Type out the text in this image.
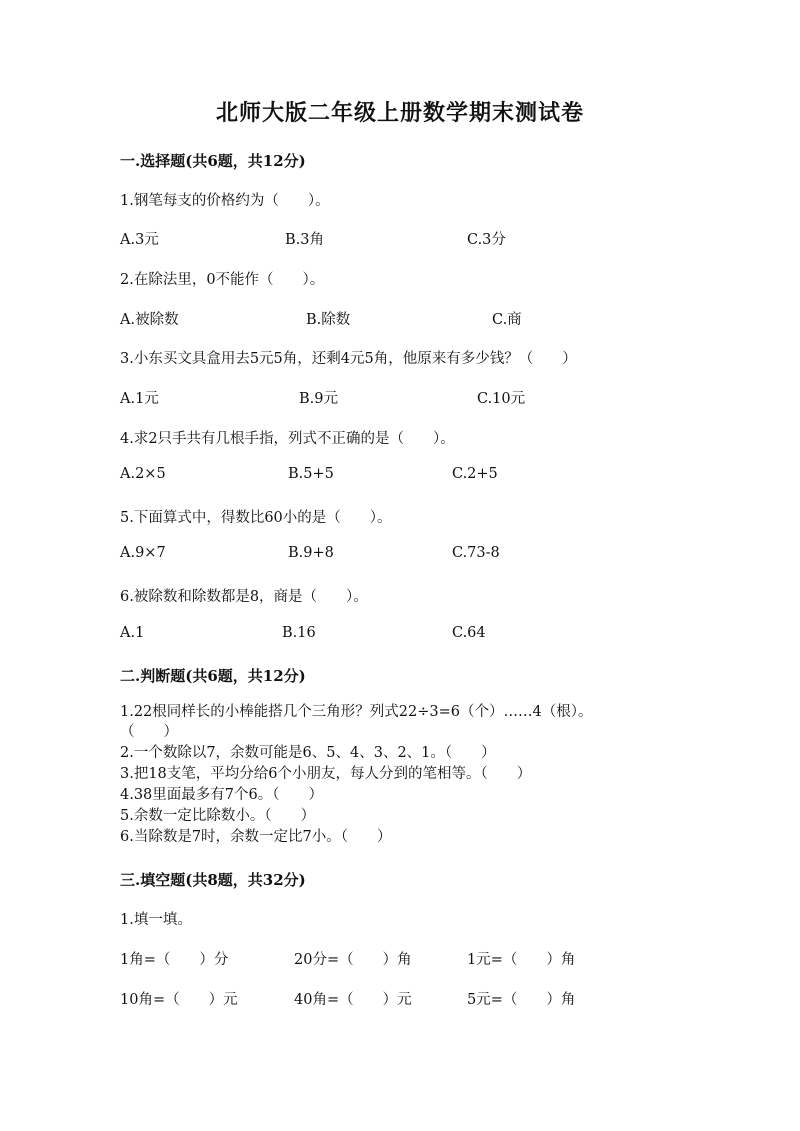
北师大版二年级上册数学期末测试卷
一.选择题(共6题，共12分)
1.钢笔每支的价格约为（　　）。
A.3元	B.3角	C.3分
2.在除法里，0不能作（　　）。
A.被除数	B.除数	C.商
3.小东买文具盒用去5元5角，还剩4元5角，他原来有多少钱？（　　）
A.1元	B.9元	C.10元
4.求2只手共有几根手指，列式不正确的是（　　）。
A.2×5	B.5+5	C.2+5
5.下面算式中，得数比60小的是（　　）。
A.9×7	B.9+8	C.73-8
6.被除数和除数都是8，商是（　　）。
A.1	B.16	C.64
二.判断题(共6题，共12分)
1.22根同样长的小棒能搭几个三角形？列式22÷3=6（个）……4（根）。
（　　）
2.一个数除以7，余数可能是6、5、4、3、2、1。（　　）
3.把18支笔，平均分给6个小朋友，每人分到的笔相等。（　　）
4.38里面最多有7个6。（　　）
5.余数一定比除数小。（　　）
6.当除数是7时，余数一定比7小。（　　）
三.填空题(共8题，共32分)
1.填一填。
1角=（　　）分	20分=（　　）角	1元=（　　）角
10角=（　　）元	40角=（　　）元	5元=（　　）角
